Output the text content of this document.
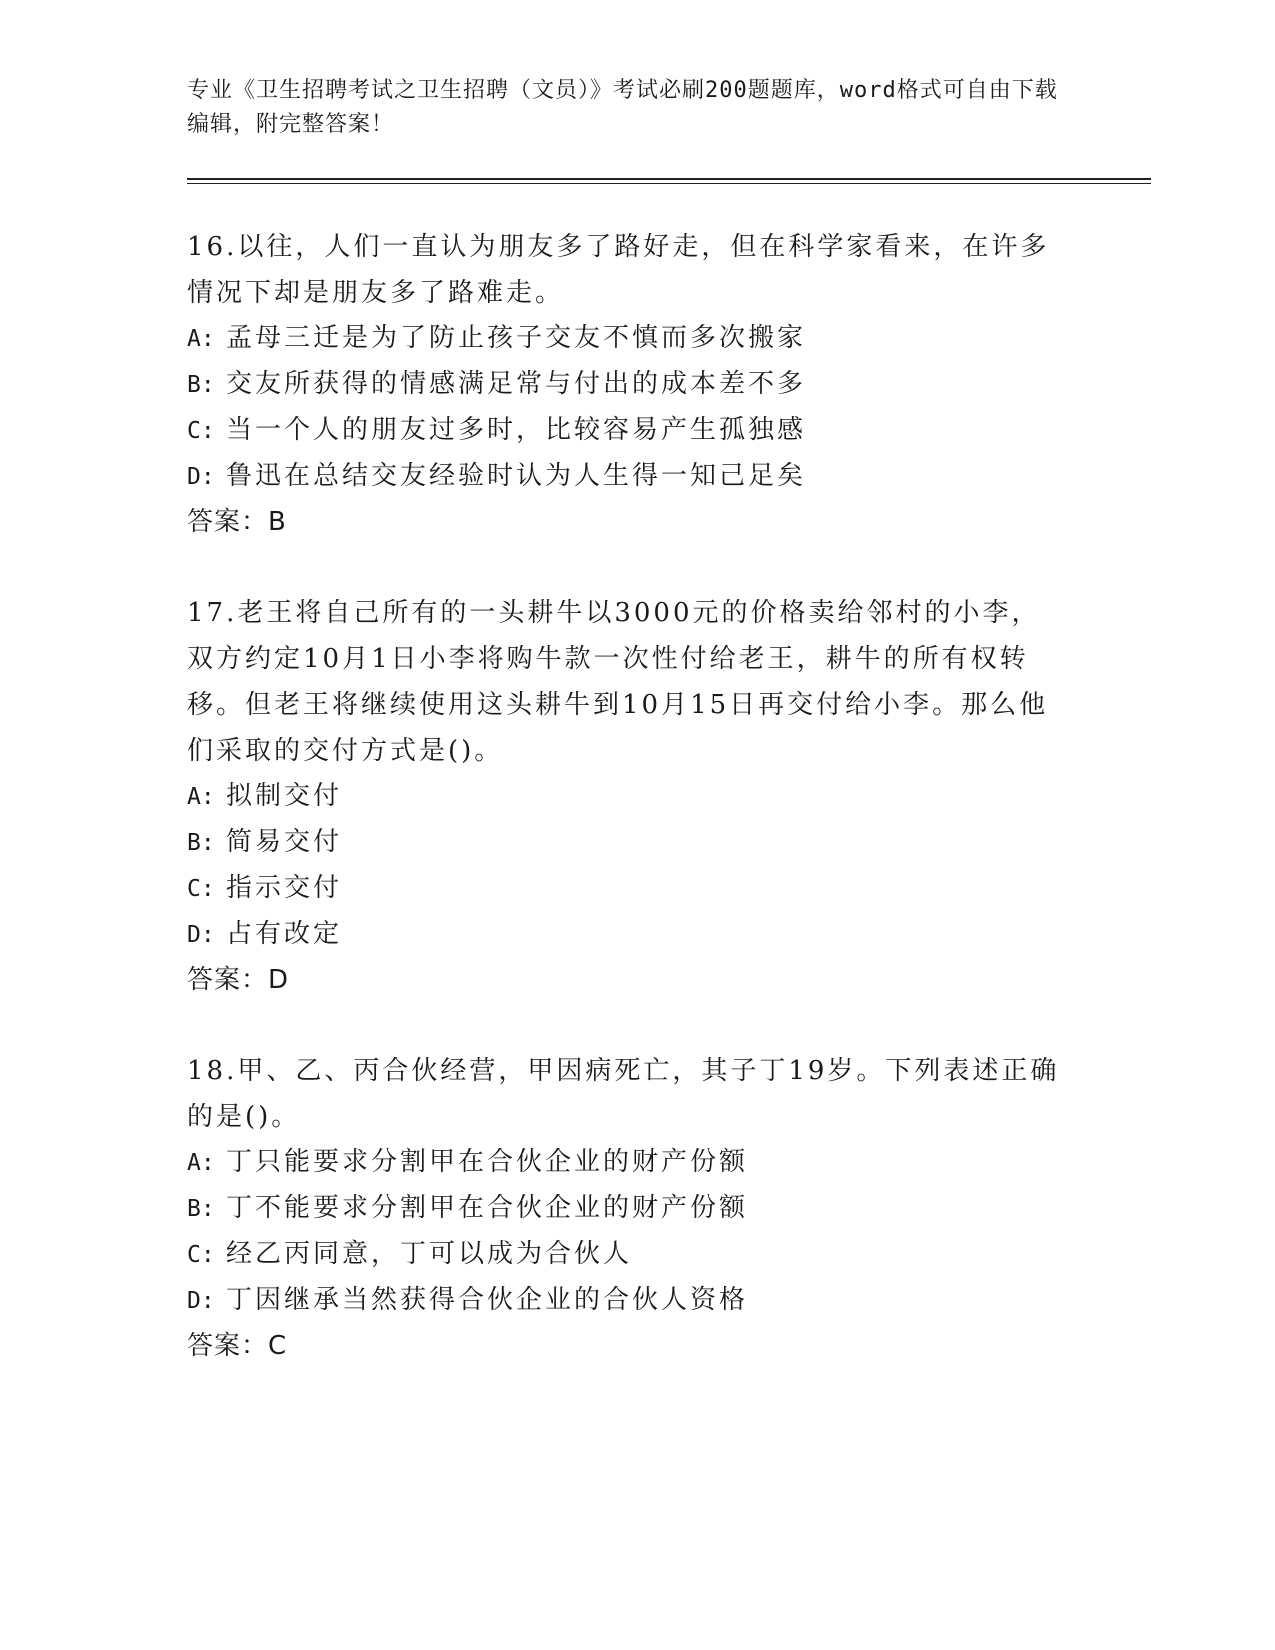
专业《卫生招聘考试之卫生招聘（文员）》考试必刷200题题库，word格式可自由下载编辑，附完整答案！

16.以往，人们一直认为朋友多了路好走，但在科学家看来，在许多情况下却是朋友多了路难走。

A: 孟母三迁是为了防止孩子交友不慎而多次搬家

B: 交友所获得的情感满足常与付出的成本差不多

C: 当一个人的朋友过多时，比较容易产生孤独感

D: 鲁迅在总结交友经验时认为人生得一知己足矣

答案：B

17.老王将自己所有的一头耕牛以3000元的价格卖给邻村的小李，双方约定10月1日小李将购牛款一次性付给老王，耕牛的所有权转移。但老王将继续使用这头耕牛到10月15日再交付给小李。那么他们采取的交付方式是()。

A: 拟制交付

B: 简易交付

C: 指示交付

D: 占有改定

答案：D

18.甲、乙、丙合伙经营，甲因病死亡，其子丁19岁。下列表述正确的是()。

A: 丁只能要求分割甲在合伙企业的财产份额

B: 丁不能要求分割甲在合伙企业的财产份额

C: 经乙丙同意，丁可以成为合伙人

D: 丁因继承当然获得合伙企业的合伙人资格

答案：C
